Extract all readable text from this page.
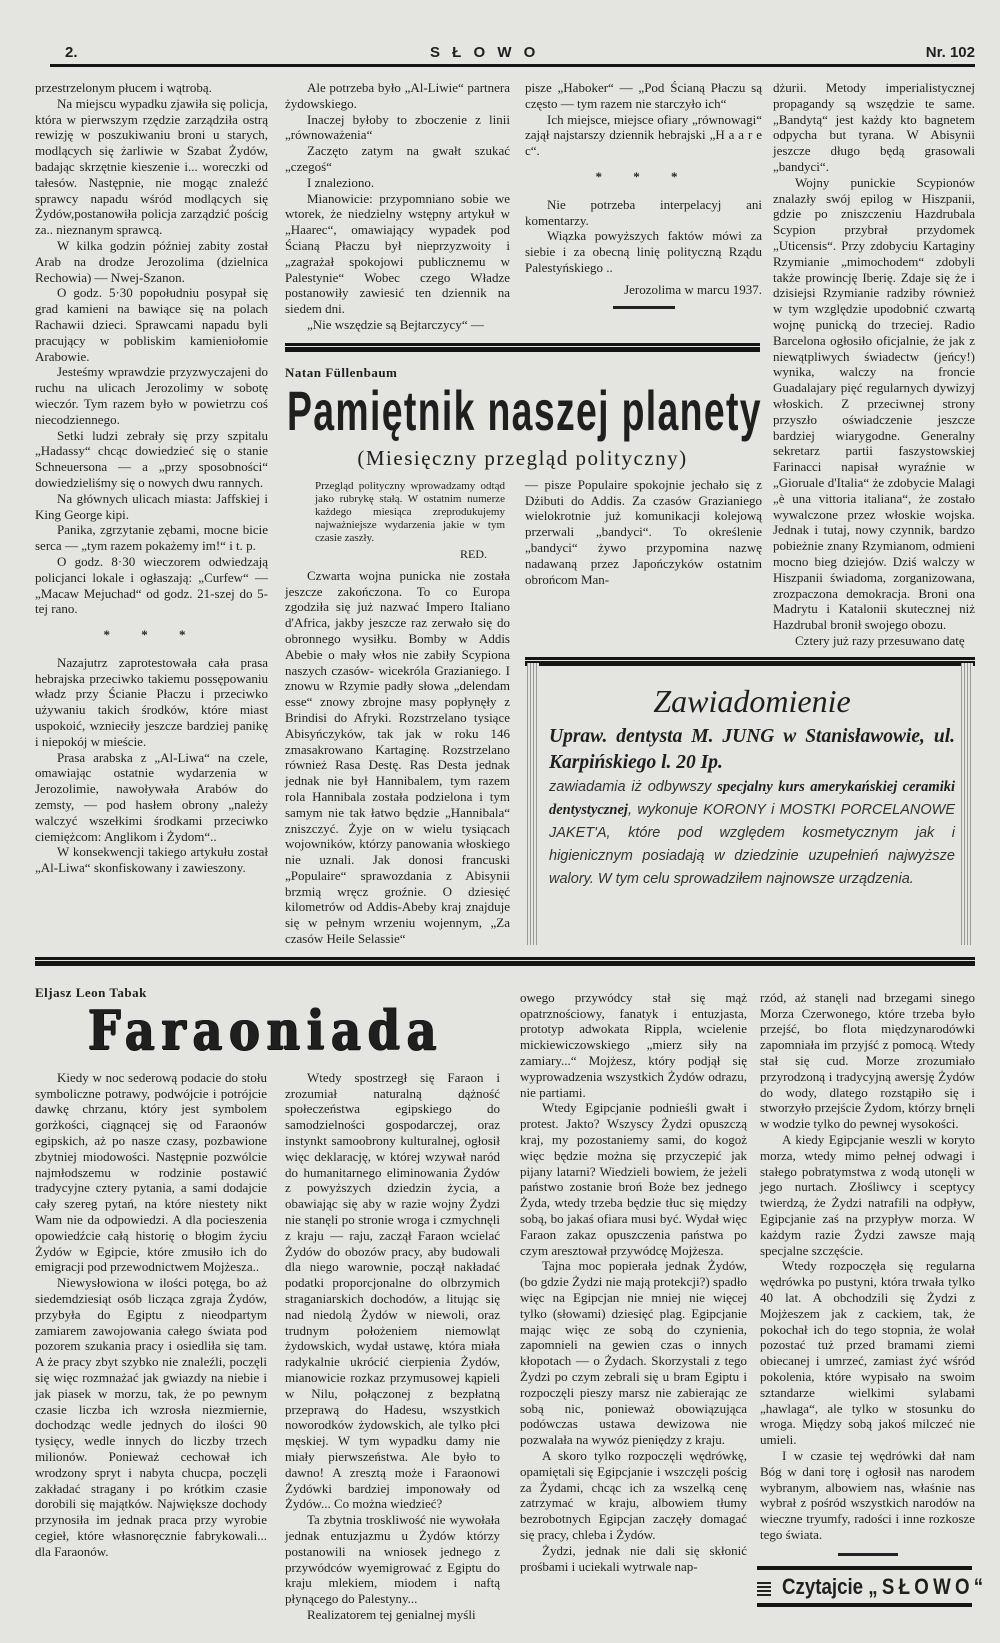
2.	S Ł O W O	Nr. 102

przestrzelonym płucem i wątrobą.

Na miejscu wypadku zjawiła się policja, która w pierwszym rzędzie zarządziła ostrą rewizję w poszukiwaniu broni u starych, modlących się żarliwie w Szabat Żydów, badając skrzętnie kieszenie i... woreczki od tałesów. Następnie, nie mogąc znaleźć sprawcy napadu wśród modlących się Żydów,postanowiła policja zarządzić pościg za.. nieznanym sprawcą.

W kilka godzin później zabity został Arab na drodze Jerozolima (dzielnica Rechowia) — Nwej-Szanon.

O godz. 5·30 popołudniu posypał się grad kamieni na bawiące się na polach Rachawii dzieci. Sprawcami napadu byli pracujący w pobliskim kamieniołomie Arabowie.

Jesteśmy wprawdzie przyzwyczajeni do ruchu na ulicach Jerozolimy w sobotę wieczór. Tym razem było w powietrzu coś niecodziennego.

Setki ludzi zebrały się przy szpitalu „Hadassy“ chcąc dowiedzieć się o stanie Schneuersona — a „przy sposobności“ dowiedzieliśmy się o nowych dwu rannych.

Na głównych ulicach miasta: Jaffskiej i King George kipi.

Panika, zgrzytanie zębami, mocne bicie serca — „tym razem pokażemy im!“ i t. p.

O godz. 8·30 wieczorem odwiedzają policjanci lokale i ogłaszają: „Curfew“ — „Macaw Mejuchad“ od godz. 21-szej do 5-tej rano.

* * *

Nazajutrz zaprotestowała cała prasa hebrajska przeciwko takiemu possępowaniu władz przy Ścianie Płaczu i przeciwko używaniu takich środków, które miast uspokoić, wzniecіły jeszcze bardziej panikę i niepokój w mieście.

Prasa arabska z „Al-Liwa“ na czele, omawiając ostatnie wydarzenia w Jerozolimie, nawoływała Arabów do zemsty, — pod hasłem obrony „należy walczyć wszełkimi środkami przeciwko ciemiężcom: Anglikom i Żydom“..

W konsekwencji takiego artykułu został „Al-Liwa“ skonfiskowany i zawieszony.

Ale potrzeba było „Al-Liwie“ partnera żydowskiego.

Inaczej byłoby to zboczenie z linii „równoważenia“

Zaczęto zatym na gwałt szukać „czegoś“

I znaleziono.

Mianowicie: przypomniano sobie we wtorek, że niedzielny wstępny artykuł w „Haarec“, omawiający wypadek pod Ścianą Płaczu był nieprzyzwoity i „zagrażał spokojowi publicznemu w Palestynie“ Wobec czego Władze postanowiły zawiesić ten dziennik na siedem dni.

„Nie wszędzie są Bejtarczycy“ —

pisze „Haboker“ — „Pod Ścianą Płaczu są często — tym razem nie starczyło ich“

Ich miejsce, miejsce ofiary „równowagi“ zajął najstarszy dziennik hebrajski „H a a r e c“.

* * *

Nie potrzeba interpelacyj ani komentarzy.

Wiązka powyższych faktów mówi za siebie i za obecną linię polityczną Rządu Palestyńskiego ..

Jerozolima w marcu 1937.

dżurii. Metody imperialistycznej propagandy są wszędzie te same. „Bandytą“ jest każdy kto bagnetem odpycha but tyrana. W Abisynii jeszcze długo będą grasowali „bandyci“.

Wojny punickie Scypionów znalazły swój epilog w Hiszpanii, gdzie po zniszczeniu Hazdrubala Scypion przybrał przydomek „Uticensis“. Przy zdobyciu Kartaginy Rzymianie „mimochodem“ zdobyli także prowincję Iberię. Zdaje się że i dzisiejsi Rzymianie radziby również w tym względzie upodobnić czwartą wojnę punicką do trzeciej. Radio Barcelona ogłosiło oficjalnie, że jak z niewątpliwych świadectw (jeńcy!) wynika, walczy na froncie Guadalajary pięć regularnych dywizyj włoskich. Z przeciwnej strony przyszło oświadczenie jeszcze bardziej wiarygodne. Generalny sekretarz partii faszystowskiej Farinacci napisał wyraźnie w „Gioruale d'Italia“ że zdobycie Malagi „è una vittoria italiana“, że zostało wywalczone przez włoskie wojska. Jednak i tutaj, nowy czynnik, bardzo pobieżnie znany Rzymianom, odmieni mocno bieg dziejów. Dziś walczy w Hiszpanii świadoma, zorganizowana, zrozpaczona demokracja. Broni ona Madrytu i Katalonii skutecznej niż Hazdrubal bronił swojego obozu.

Cztery już razy przesuwano datę

Natan Füllenbaum
Pamiętnik naszej planety
(Miesięczny przegląd polityczny)
Przegląd polityczny wprowadzamy odtąd jako rubrykę stałą. W ostatnim numerze każdego miesiąca zreprodukujemy najważniejsze wydarzenia jakie w tym czasie zaszły.
RED.

Czwarta wojna punicka nie została jeszcze zakończona. To co Europa zgodziła się już nazwać Impero Italiano d'Africa, jakby jeszcze raz zerwało się do obronnego wysiłku. Bomby w Addis Abebie o mały włos nie zabiły Scypiona naszych czasów- wicekróla Grazianiego. I znowu w Rzymie padły słowa „delendam esse“ znowy zbrojne masy popłynęły z Brindisi do Afryki. Rozstrzelano tysiące Abisyńczyków, tak jak w roku 146 zmasakrowano Kartaginę. Rozstrzelano również Rasa Destę. Ras Desta jednak jednak nie był Hannibalem, tym razem rola Hannibala została podzielona i tym samym nie tak łatwo będzie „Hannibala“ zniszczyć. Żyje on w wielu tysiącach wojowników, którzy panowania włoskiego nie uznali. Jak donosi francuski „Populaire“ sprawozdania z Abisynii brzmią wręcz groźnie. O dziesięć kilometrów od Addis-Abeby kraj znajduje się w pełnym wrzeniu wojennym, „Za czasów Heile Selassie“

— pisze Populaire spokojnie jechało się z Dżibuti do Addis. Za czasów Grazianiego wielokrotnie już komunikacji kolejową przerwali „bandyci“. To określenie „bandyci“ żywo przypomina nazwę nadawaną przez Japończyków ostatnim obrońcom Man-

Zawiadomienie
Upraw. dentysta M. JUNG w Stanisławowie, ul. Karpińskiego l. 20 Ip.
zawiadamia iż odbywszy specjalny kurs amerykańskiej ceramiki dentystycznej, wykonuje KORONY i MOSTKI PORCELANOWE JAKET'A, które pod względem kosmetycznym jak i higienicznym posiadają w dziedzinie uzupełnień najwyższe walory. W tym celu sprowadziłem najnowsze urządzenia.
Eljasz Leon Tabak
Faraoniada

Kiedy w noc sederową podacie do stołu symboliczne potrawy, podwójcie i potrójcie dawkę chrzanu, który jest symbolem gorżkości, ciągnącej się od Faraonów egipskich, aż po nasze czasy, pozbawione zbytniej miodowości. Następnie pozwólcie najmłodszemu w rodzinie postawić tradycyjne cztery pytania, a sami dodajcie cały szereg pytań, na które niestety nikt Wam nie da odpowiedzi. A dla pocieszenia opowiedźcie całą historię o błogim życiu Żydów w Egipcie, które zmusiło ich do emigracji pod przewodnictwem Mojżesza..

Niewysłowiona w ilości potęga, bo aż siedemdziesiąt osób licząca zgraja Żydów, przybyła do Egiptu z nieodpartym zamiarem zawojowania całego świata pod pozorem szukania pracy i osiedliła się tam. A że pracy zbyt szybko nie znaleźli, poczęli się więc rozmnażać jak gwiazdy na niebie i jak piasek w morzu, tak, że po pewnym czasie liczba ich wzrosła niezmiernie, dochodząc wedle jednych do ilości 90 tysięcy, wedle innych do liczby trzech milionów. Ponieważ cechował ich wrodzony spryt i nabyta chucpa, poczęli zakładać stragany i po krótkim czasie dorobili się majątków. Największe dochody przynosiła im jednak praca przy wyrobie cegieł, które własnoręcznie fabrykowali... dla Faraonów.

Wtedy spostrzegł się Faraon i zrozumiał naturalną dążność społeczeństwa egipskiego do samodzielności gospodarczej, oraz instynkt samoobrony kulturalnej, ogłosił więc deklarację, w której wzywał naród do humanitarnego eliminowania Żydów z powyższych dziedzin życia, a obawiając się aby w razie wojny Żydzi nie stanęli po stronie wroga i czmychnęli z kraju — raju, zaczął Faraon wcielać Żydów do obozów pracy, aby budowali dla niego warownie, począł nakładać podatki proporcjonalne do olbrzymich straganiarskich dochodów, a litując się nad niedolą Żydów w niewoli, oraz trudnym położeniem niemowląt żydowskich, wydał ustawę, która miała radykalnie ukrócić cierpienia Żydów, mianowicie rozkaz przymusowej kąpieli w Nilu, połączonej z bezpłatną przeprawą do Hadesu, wszystkich noworodków żydowskich, ale tylko płci męskiej. W tym wypadku damy nie miały pierwszeństwa. Ale było to dawno! A zresztą może i Faraonowi Żydówki bardziej imponowały od Żydów... Co można wiedzieć?

Ta zbytnia troskliwość nie wywołała jednak entuzjazmu u Żydów którzy postanowili na wniosek jednego z przywódców wyemigrować z Egiptu do kraju mlekiem, miodem i naftą płynącego do Palestyny...

Realizatorem tej genialnej myśli

owego przywódcy stał się mąż opatrznościowy, fanatyk i entuzjasta, prototyp adwokata Rippla, wcielenie mickiewiczowskiego „mierz siły na zamiary...“ Mojżesz, który podjął się wyprowadzenia wszystkich Żydów odrazu, nie partiami.

Wtedy Egipcjanie podnieśli gwałt i protest. Jakto? Wszyscy Żydzi opuszczą kraj, my pozostaniemy sami, do kogoż więc będzie można się przyczepić jak pijany latarni? Wiedzieli bowiem, że jeżeli państwo zostanie broń Boże bez jednego Żyda, wtedy trzeba będzie tłuc się między sobą, bo jakaś ofiara musi być. Wydał więc Faraon zakaz opuszczenia państwa po czym aresztował przywódcę Mojżesza.

Tajna moc popierała jednak Żydów, (bo gdzie Żydzi nie mają protekcji?) spadło więc na Egipcjan nie mniej nie więcej tylko (słowami) dziesięć plag. Egipcjanie mając więc ze sobą do czynienia, zapomnieli na gewien czas o innych kłopotach — o Żydach. Skorzystali z tego Żydzi po czym zebrali się u bram Egiptu i rozpoczęli pieszy marsz nie zabierając ze sobą nic, ponieważ obowiązująca podówczas ustawa dewizowa nie pozwalała na wywóz pieniędzy z kraju.

A skoro tylko rozpoczęli wędrówkę, opamiętali się Egipcjanie i wszczęli pościg za Żydami, chcąc ich za wszelką cenę zatrzymać w kraju, albowiem tłumy bezrobotnych Egipcjan zaczęły domagać się pracy, chleba i Żydów.

Żydzi, jednak nie dali się skłonić prośbami i uciekali wytrwale nap-

rzód, aż stanęli nad brzegami sinego Morza Czerwonego, które trzeba było przejść, bo flota międzynarodówki zapomniała im przyjść z pomocą. Wtedy stał się cud. Morze zrozumiało przyrodzoną i tradycyjną awersję Żydów do wody, dlatego rozstąpiło się i stworzyło przejście Żydom, którzy brnęli w wodzie tylko do pewnej wysokości.

A kiedy Egipcjanie weszli w koryto morza, wtedy mimo pełnej odwagi i stałego pobratymstwa z wodą utonęli w jego nurtach. Złośliwcy i sceptycy twierdzą, że Żydzi natrafili na odpływ, Egipcjanie zaś na przypływ morza. W każdym razie Żydzi zawsze mają specjalne szczęście.

Wtedy rozpoczęła się regularna wędrówka po pustyni, która trwała tylko 40 lat. A obchodzili się Żydzi z Mojżeszem jak z cackiem, tak, że pokochał ich do tego stopnia, że wolał pozostać tuż przed bramami ziemi obiecanej i umrzeć, zamiast żyć wśród pokolenia, które wypisało na swoim sztandarze wielkimi sylabami „hawlaga“, ale tylko w stosunku do wroga. Między sobą jakoś milczeć nie umieli.

I w czasie tej wędrówki dał nam Bóg w dani torę i ogłosił nas narodem wybranym, albowiem nas, właśnie nas wybrał z pośród wszystkich narodów na wieczne tryumfy, radości i inne rozkosze tego świata.

Czytajcie „SŁOWO“
